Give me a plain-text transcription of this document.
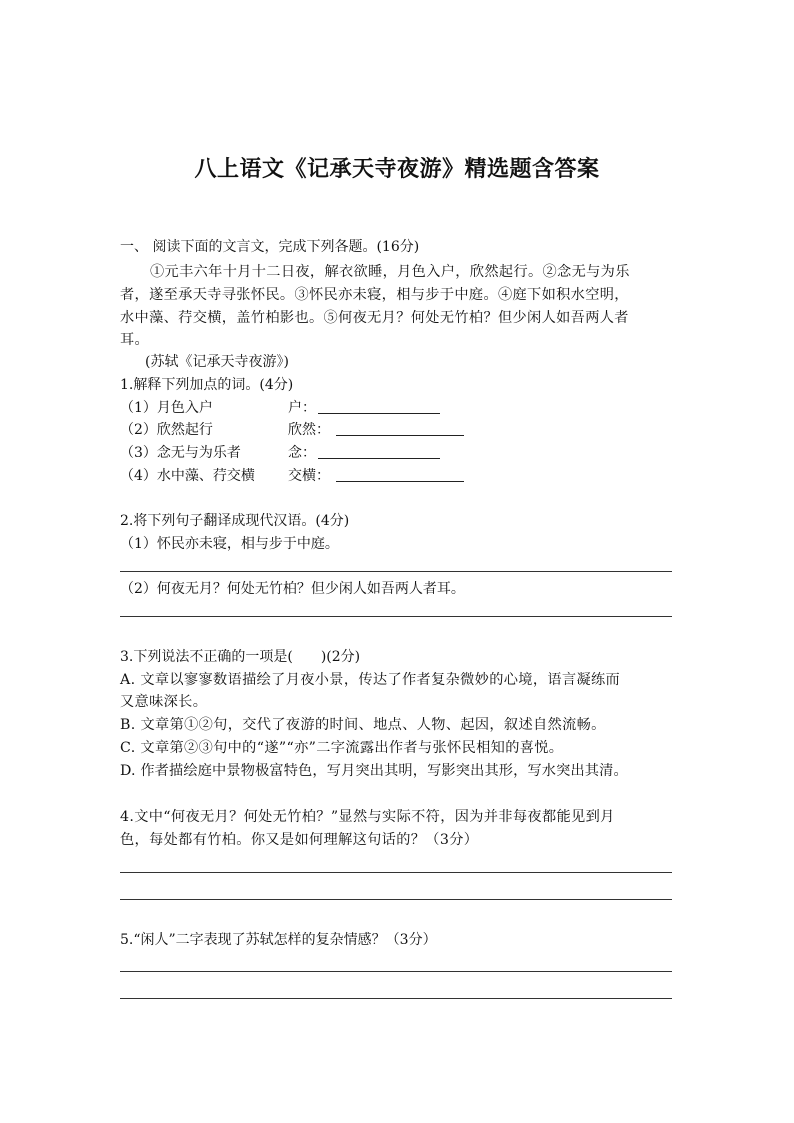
八上语文《记承天寺夜游》精选题含答案
一、 阅读下面的文言文，完成下列各题。(16分)
①元丰六年十月十二日夜，解衣欲睡，月色入户，欣然起行。②念无与为乐
者，遂至承天寺寻张怀民。③怀民亦未寝，相与步于中庭。④庭下如积水空明，
水中藻、荇交横，盖竹柏影也。⑤何夜无月？何处无竹柏？但少闲人如吾两人者
耳。
(苏轼《记承天寺夜游》)
1.解释下列加点的词。(4分)
（1）月色入户	户：
（2）欣然起行	欣然：
（3）念无与为乐者	念：
（4）水中藻、荇交横 交横：
2.将下列句子翻译成现代汉语。(4分)
（1）怀民亦未寝，相与步于中庭。
（2）何夜无月？何处无竹柏？但少闲人如吾两人者耳。
3.下列说法不正确的一项是(　　)(2分)
A. 文章以寥寥数语描绘了月夜小景，传达了作者复杂微妙的心境，语言凝练而
又意味深长。
B. 文章第①②句，交代了夜游的时间、地点、人物、起因，叙述自然流畅。
C. 文章第②③句中的“遂”“亦”二字流露出作者与张怀民相知的喜悦。
D. 作者描绘庭中景物极富特色，写月突出其明，写影突出其形，写水突出其清。
4.文中“何夜无月？何处无竹柏？”显然与实际不符，因为并非每夜都能见到月
色，每处都有竹柏。你又是如何理解这句话的？（3分）
5.“闲人”二字表现了苏轼怎样的复杂情感？（3分）
